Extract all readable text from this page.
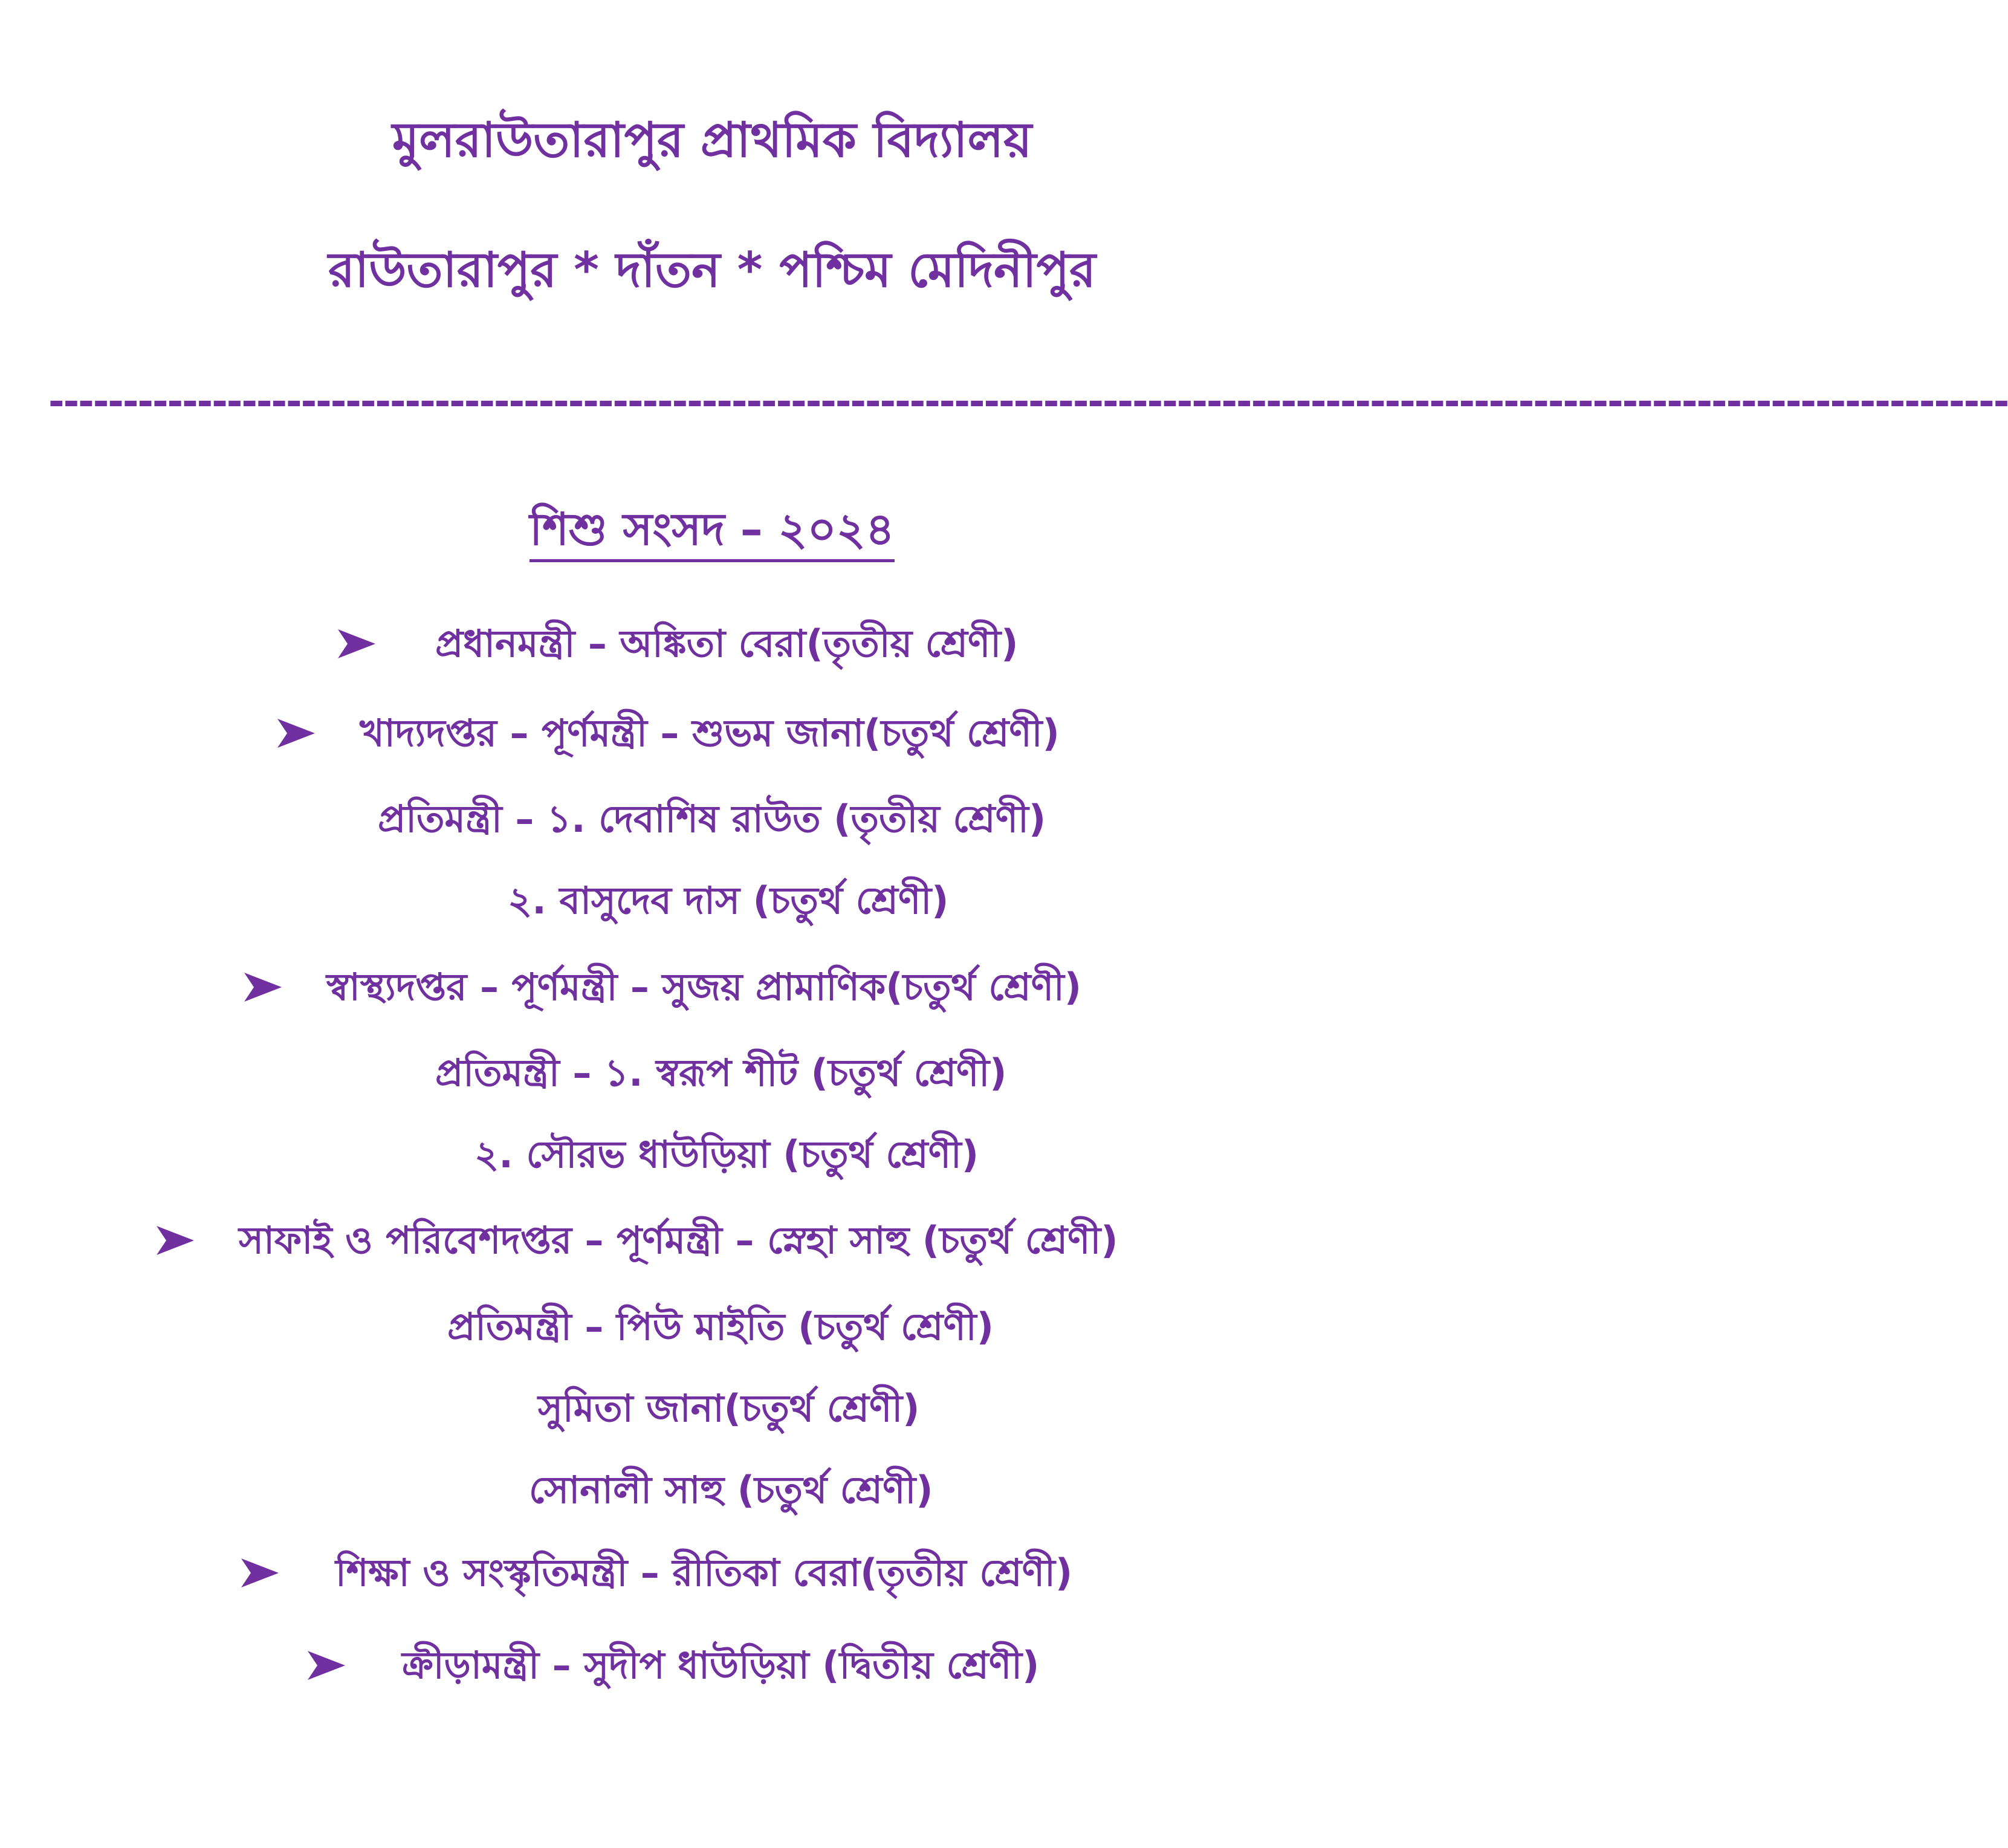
মুলরাউতারাপুর প্রাথমিক বিদ্যালয়
রাউতারাপুর * দাঁতন * পশ্চিম মেদিনীপুর
------------------------------------------------------------------------------------------------------------------------------------
শিশু সংসদ – ২০২৪
প্রধানমন্ত্রী – অঙ্কিতা বেরা(তৃতীয় শ্রেণী)
খাদ্যদপ্তর – পূর্ণমন্ত্রী – শুভম জানা(চতুর্থ শ্রেণী)
প্রতিমন্ত্রী – ১. দেবাশিষ রাউত (তৃতীয় শ্রেণী)
২. বাসুদেব দাস (চতুর্থ শ্রেণী)
স্বাস্থ্যদপ্তর – পূর্ণমন্ত্রী – সুজয় প্রামাণিক(চতুর্থ শ্রেণী)
প্রতিমন্ত্রী – ১. স্বরূপ শীট (চতুর্থ শ্রেণী)
২. সৌরভ ধাউড়িয়া (চতুর্থ শ্রেণী)
সাফাই ও পরিবেশদপ্তর – পূর্ণমন্ত্রী – স্নেহা সাহু (চতুর্থ শ্রেণী)
প্রতিমন্ত্রী – পিউ মাইতি (চতুর্থ শ্রেণী)
সুমিতা জানা(চতুর্থ শ্রেণী)
সোনালী সাহু (চতুর্থ শ্রেণী)
শিক্ষা ও সংস্কৃতিমন্ত্রী – রীতিকা বেরা(তৃতীয় শ্রেণী)
ক্রীড়ামন্ত্রী – সুদীপ ধাউড়িয়া (দ্বিতীয় শ্রেণী)
